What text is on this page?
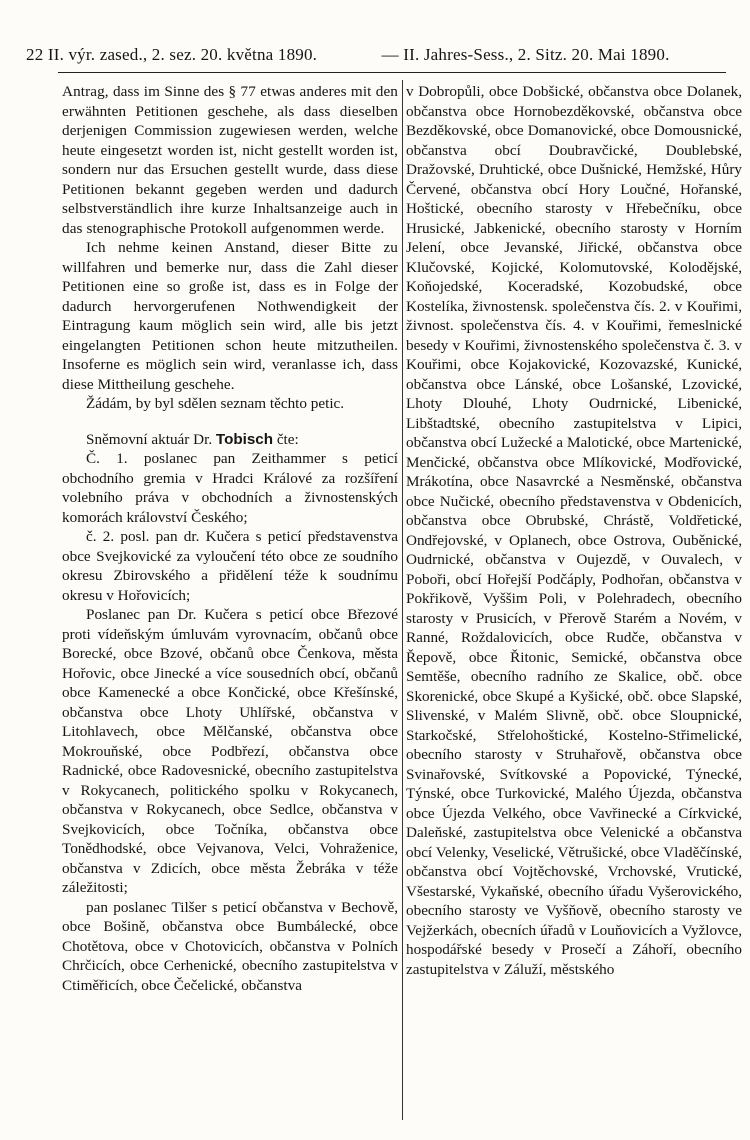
22 II. výr. zased., 2. sez. 20. května 1890.	— II. Jahres-Sess., 2. Sitz. 20. Mai 1890.

Antrag, dass im Sinne des § 77 etwas anderes mit den erwähnten Petitionen geschehe, als dass dieselben derjenigen Commission zugewiesen werden, welche heute eingesetzt worden ist, nicht gestellt worden ist, sondern nur das Ersuchen gestellt wurde, dass diese Petitionen bekannt gegeben werden und dadurch selbstverständlich ihre kurze Inhaltsanzeige auch in das stenographische Protokoll aufgenommen werde.

Ich nehme keinen Anstand, dieser Bitte zu willfahren und bemerke nur, dass die Zahl dieser Petitionen eine so große ist, dass es in Folge der dadurch hervorgerufenen Nothwendigkeit der Eintragung kaum möglich sein wird, alle bis jetzt eingelangten Petitionen schon heute mitzutheilen. Insoferne es möglich sein wird, veranlasse ich, dass diese Mittheilung geschehe.

Žádám, by byl sdělen seznam těchto petic.

Sněmovní aktuár Dr. Tobisch čte:

Č. 1. poslanec pan Zeithammer s peticí obchodního gremia v Hradci Králové za rozšíření volebního práva v obchodních a živnostenských komorách království Českého;

č. 2. posl. pan dr. Kučera s peticí představenstva obce Svejkovické za vyloučení této obce ze soudního okresu Zbirovského a přidělení téže k soudnímu okresu v Hořovicích;

Poslanec pan Dr. Kučera s peticí obce Březové proti vídeňským úmluvám vyrovnacím, občanů obce Borecké, obce Bzové, občanů obce Čenkova, města Hořovic, obce Jinecké a více sousedních obcí, občanů obce Kamenecké a obce Končické, obce Křešínské, občanstva obce Lhoty Uhlířské, občanstva v Litohlavech, obce Mělčanské, občanstva obce Mokrouňské, obce Podbřezí, občanstva obce Radnické, obce Radovesnické, obecního zastupitelstva v Rokycanech, politického spolku v Rokycanech, občanstva v Rokycanech, obce Sedlce, občanstva v Svejkovicích, obce Točníka, občanstva obce Tonědhodské, obce Vejvanova, Velci, Vohraženice, občanstva v Zdicích, obce města Žebráka v téže záležitosti;

pan poslanec Tilšer s peticí občanstva v Bechově, obce Bošině, občanstva obce Bumbálecké, obce Chotětova, obce v Chotovicích, občanstva v Polních Chrčicích, obce Cerhenické, obecního zastupitelstva v Ctiměřicích, obce Čečelické, občanstva

v Dobropůli, obce Dobšické, občanstva obce Dolanek, občanstva obce Hornobezděkovské, občanstva obce Bezděkovské, obce Domanovické, obce Domousnické, občanstva obcí Doubravčické, Doublebské, Dražovské, Druhtické, obce Dušnické, Hemžské, Hůry Červené, občanstva obcí Hory Loučné, Hořanské, Hoštické, obecního starosty v Hřebečníku, obce Hrusické, Jabkenické, obecního starosty v Horním Jelení, obce Jevanské, Jiřické, občanstva obce Klučovské, Kojické, Kolomutovské, Kolodějské, Koňojedské, Koceradské, Kozobudské, obce Kostelíka, živnostensk. společenstva čís. 2. v Kouřimi, živnost. společenstva čís. 4. v Kouřimi, řemeslnické besedy v Kouřimi, živnostenského společenstva č. 3. v Kouřimi, obce Kojakovické, Kozovazské, Kunické, občanstva obce Lánské, obce Lošanské, Lzovické, Lhoty Dlouhé, Lhoty Oudrnické, Libenické, Libštadtské, obecního zastupitelstva v Lipici, občanstva obcí Lužecké a Malotické, obce Martenické, Menčické, občanstva obce Mlíkovické, Modřovické, Mrákotína, obce Nasavrcké a Nesměnské, občanstva obce Nučické, obecního představenstva v Obdenicích, občanstva obce Obrubské, Chrástě, Voldřetické, Ondřejovské, v Oplanech, obce Ostrova, Ouběnické, Oudrnické, občanstva v Oujezdě, v Ouvalech, v Poboři, obcí Hořejší Podčáply, Podhořan, občanstva v Pokřikově, Vyššim Poli, v Polehradech, obecního starosty v Prusicích, v Přerově Starém a Novém, v Ranné, Roždalovicích, obce Rudče, občanstva v Řepově, obce Řitonic, Semické, občanstva obce Semtěše, obecního radního ze Skalice, obč. obce Skorenické, obce Skupé a Kyšické, obč. obce Slapské, Slivenské, v Malém Slivně, obč. obce Sloupnické, Starkočské, Střelohoštické, Kostelno-Střimelické, obecního starosty v Struhařově, občanstva obce Svinařovské, Svítkovské a Popovické, Týnecké, Týnské, obce Turkovické, Malého Újezda, občanstva obce Újezda Velkého, obce Vavřinecké a Církvické, Daleňské, zastupitelstva obce Velenické a občanstva obcí Velenky, Veselické, Větrušické, obce Vladěčínské, občanstva obcí Vojtěchovské, Vrchovské, Vrutické, Všestarské, Vykaňské, obecního úřadu Vyšerovického, obecního starosty ve Vyšňově, obecního starosty ve Vejžerkách, obecních úřadů v Louňovicích a Vyžlovce, hospodářské besedy v Prosečí a Záhoří, obecního zastupitelstva v Záluží, městského
